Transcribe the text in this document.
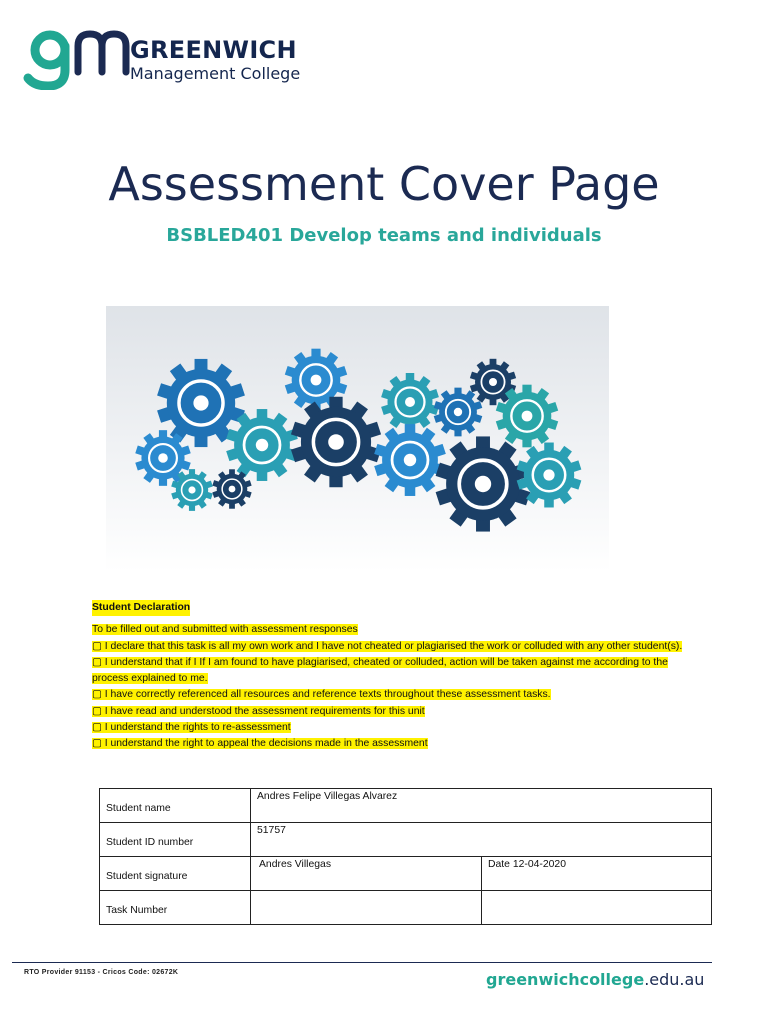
GREENWICH
Management College
Assessment Cover Page
BSBLED401 Develop teams and individuals
Student Declaration
To be filled out and submitted with assessment responses
▢ I declare that this task is all my own work and I have not cheated or plagiarised the work or colluded with any other student(s).
▢ I understand that if I If I am found to have plagiarised, cheated or colluded, action will be taken against me according to the process explained to me.
▢ I have correctly referenced all resources and reference texts throughout these assessment tasks.
▢ I have read and understood the assessment requirements for this unit
▢ I understand the rights to re-assessment
▢ I understand the right to appeal the decisions made in the assessment
Student name	Andres Felipe Villegas Alvarez	

Student ID number	51757	

Student signature	Andres Villegas	Date 12-04-2020

Task Number		

RTO Provider 91153 - Cricos Code: 02672K	greenwichcollege.edu.au
